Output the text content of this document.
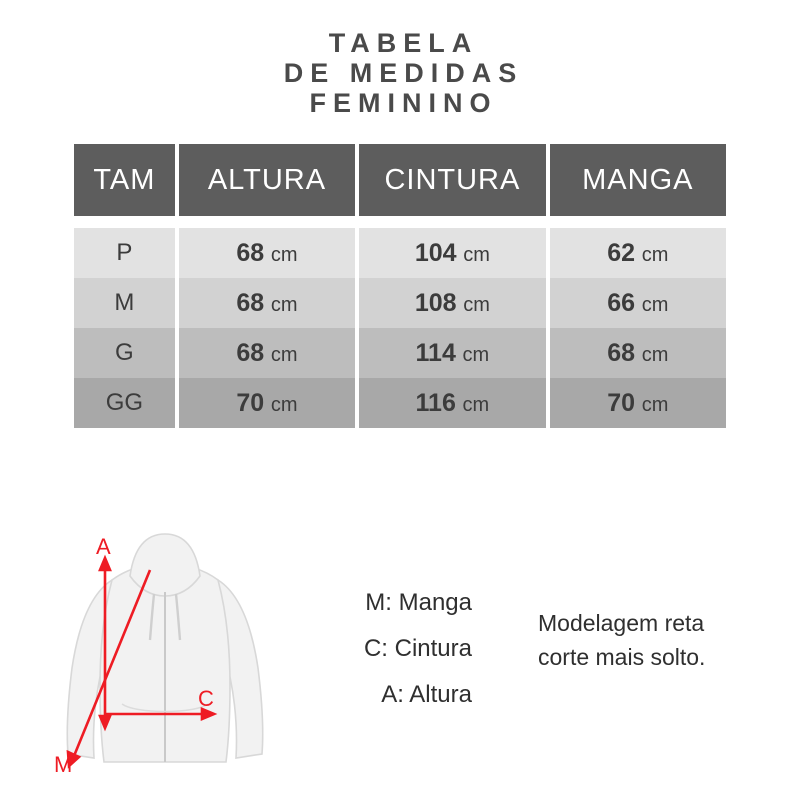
TABELA
DE MEDIDAS
FEMININO
TAM	ALTURA	CINTURA	MANGA

P	68 cm	104 cm	62 cm
M	68 cm	108 cm	66 cm
G	68 cm	114 cm	68 cm
GG	70 cm	116 cm	70 cm
A
C
M
M: Manga
C: Cintura
A: Altura
Modelagem reta
corte mais solto.
